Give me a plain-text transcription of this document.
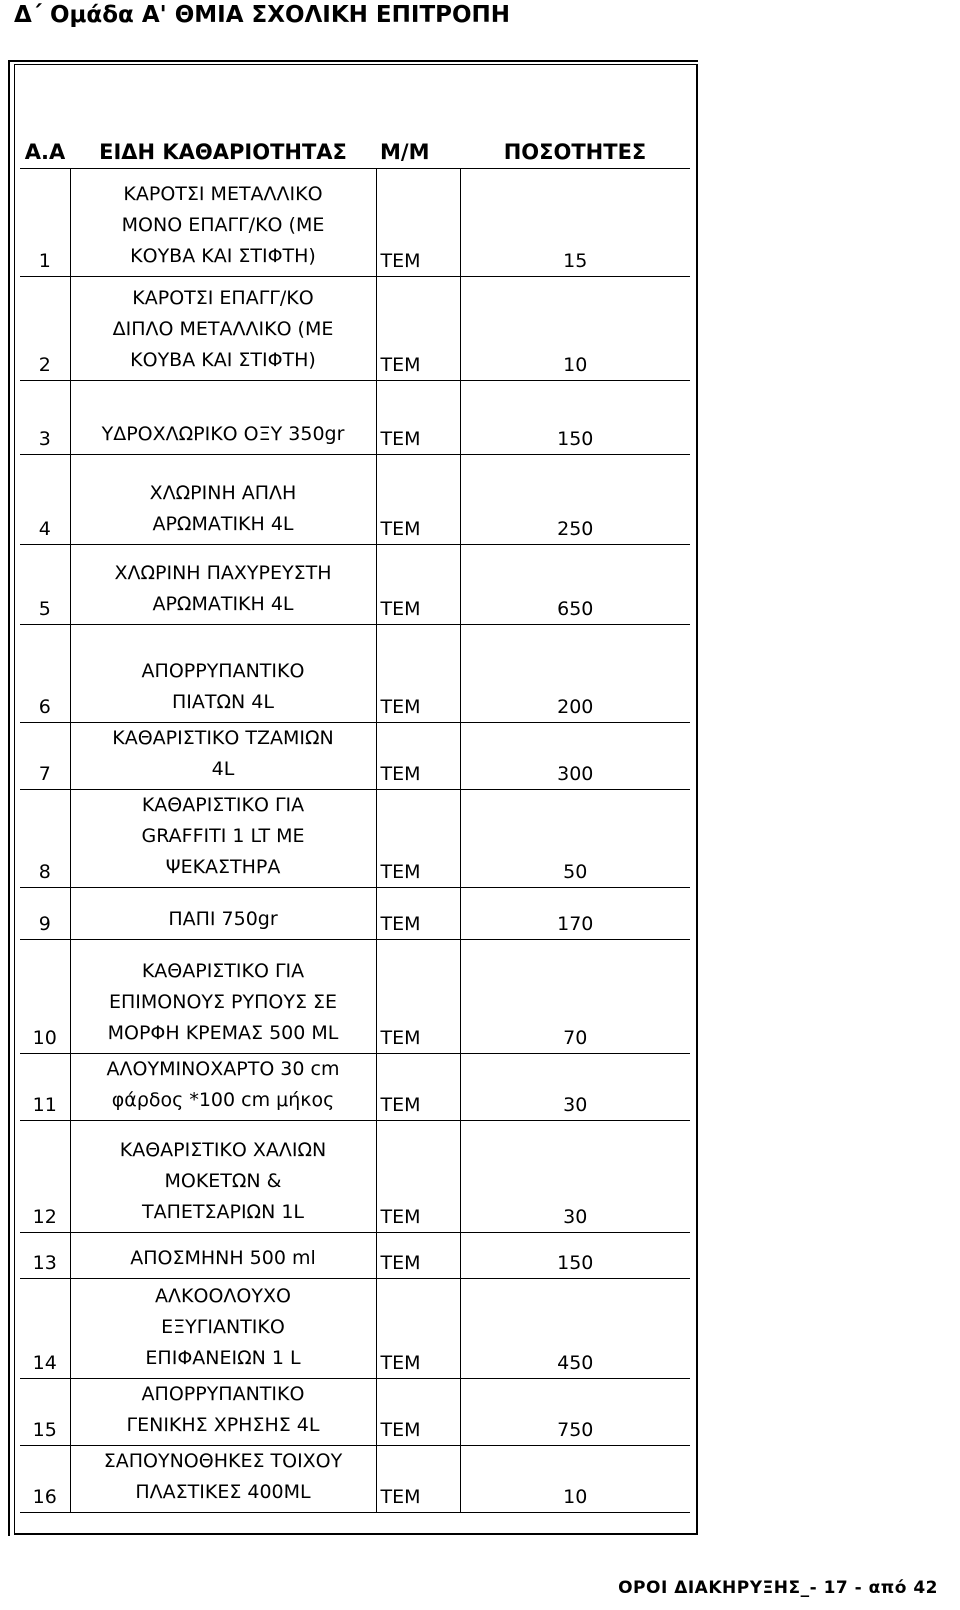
Δ΄ Ομάδα Α' ΘΜΙΑ ΣΧΟΛΙΚΗ ΕΠΙΤΡΟΠΗ
Α.Α	ΕΙΔΗ ΚΑΘΑΡΙΟΤΗΤΑΣ	Μ/Μ	ΠΟΣΟΤΗΤΕΣ
1	ΚΑΡΟΤΣΙ ΜΕΤΑΛΛΙΚΟ
ΜΟΝΟ ΕΠΑΓΓ/ΚΟ (ΜΕ
ΚΟΥΒΑ ΚΑΙ ΣΤΙΦΤΗ)	ΤΕΜ	15
2	ΚΑΡΟΤΣΙ ΕΠΑΓΓ/ΚΟ
ΔΙΠΛΟ ΜΕΤΑΛΛΙΚΟ (ΜΕ
ΚΟΥΒΑ ΚΑΙ ΣΤΙΦΤΗ)	ΤΕΜ	10
3	ΥΔΡΟΧΛΩΡΙΚΟ ΟΞΥ 350gr	ΤΕΜ	150
4	ΧΛΩΡΙΝΗ ΑΠΛΗ
ΑΡΩΜΑΤΙΚΗ 4L	ΤΕΜ	250
5	ΧΛΩΡΙΝΗ ΠΑΧΥΡΕΥΣΤΗ
ΑΡΩΜΑΤΙΚΗ 4L	ΤΕΜ	650
6	ΑΠΟΡΡΥΠΑΝΤΙΚΟ
ΠΙΑΤΩΝ 4L	ΤΕΜ	200
7	ΚΑΘΑΡΙΣΤΙΚΟ ΤΖΑΜΙΩΝ
4L	ΤΕΜ	300
8	ΚΑΘΑΡΙΣΤΙΚΟ ΓΙΑ
GRAFFITI 1 LT ΜΕ
ΨΕΚΑΣΤΗΡΑ	ΤΕΜ	50
9	ΠΑΠΙ 750gr	ΤΕΜ	170
10	ΚΑΘΑΡΙΣΤΙΚΟ ΓΙΑ
ΕΠΙΜΟΝΟΥΣ ΡΥΠΟΥΣ ΣΕ
ΜΟΡΦΗ ΚΡΕΜΑΣ 500 ML	ΤΕΜ	70
11	ΑΛΟΥΜΙΝΟΧΑΡΤΟ 30 cm
φάρδος *100 cm μήκος	ΤΕΜ	30
12	ΚΑΘΑΡΙΣΤΙΚΟ ΧΑΛΙΩΝ
ΜΟΚΕΤΩΝ &
ΤΑΠΕΤΣΑΡΙΩΝ 1L	ΤΕΜ	30
13	ΑΠΟΣΜΗΝΗ 500 ml	ΤΕΜ	150
14	ΑΛΚΟΟΛΟΥΧΟ
ΕΞΥΓΙΑΝΤΙΚΟ
ΕΠΙΦΑΝΕΙΩΝ 1 L	ΤΕΜ	450
15	ΑΠΟΡΡΥΠΑΝΤΙΚΟ
ΓΕΝΙΚΗΣ ΧΡΗΣΗΣ 4L	ΤΕΜ	750
16	ΣΑΠΟΥΝΟΘΗΚΕΣ ΤΟΙΧΟΥ
ΠΛΑΣΤΙΚΕΣ 400ML	ΤΕΜ	10
ΟΡΟΙ ΔΙΑΚΗΡΥΞΗΣ_- 17 - από 42
